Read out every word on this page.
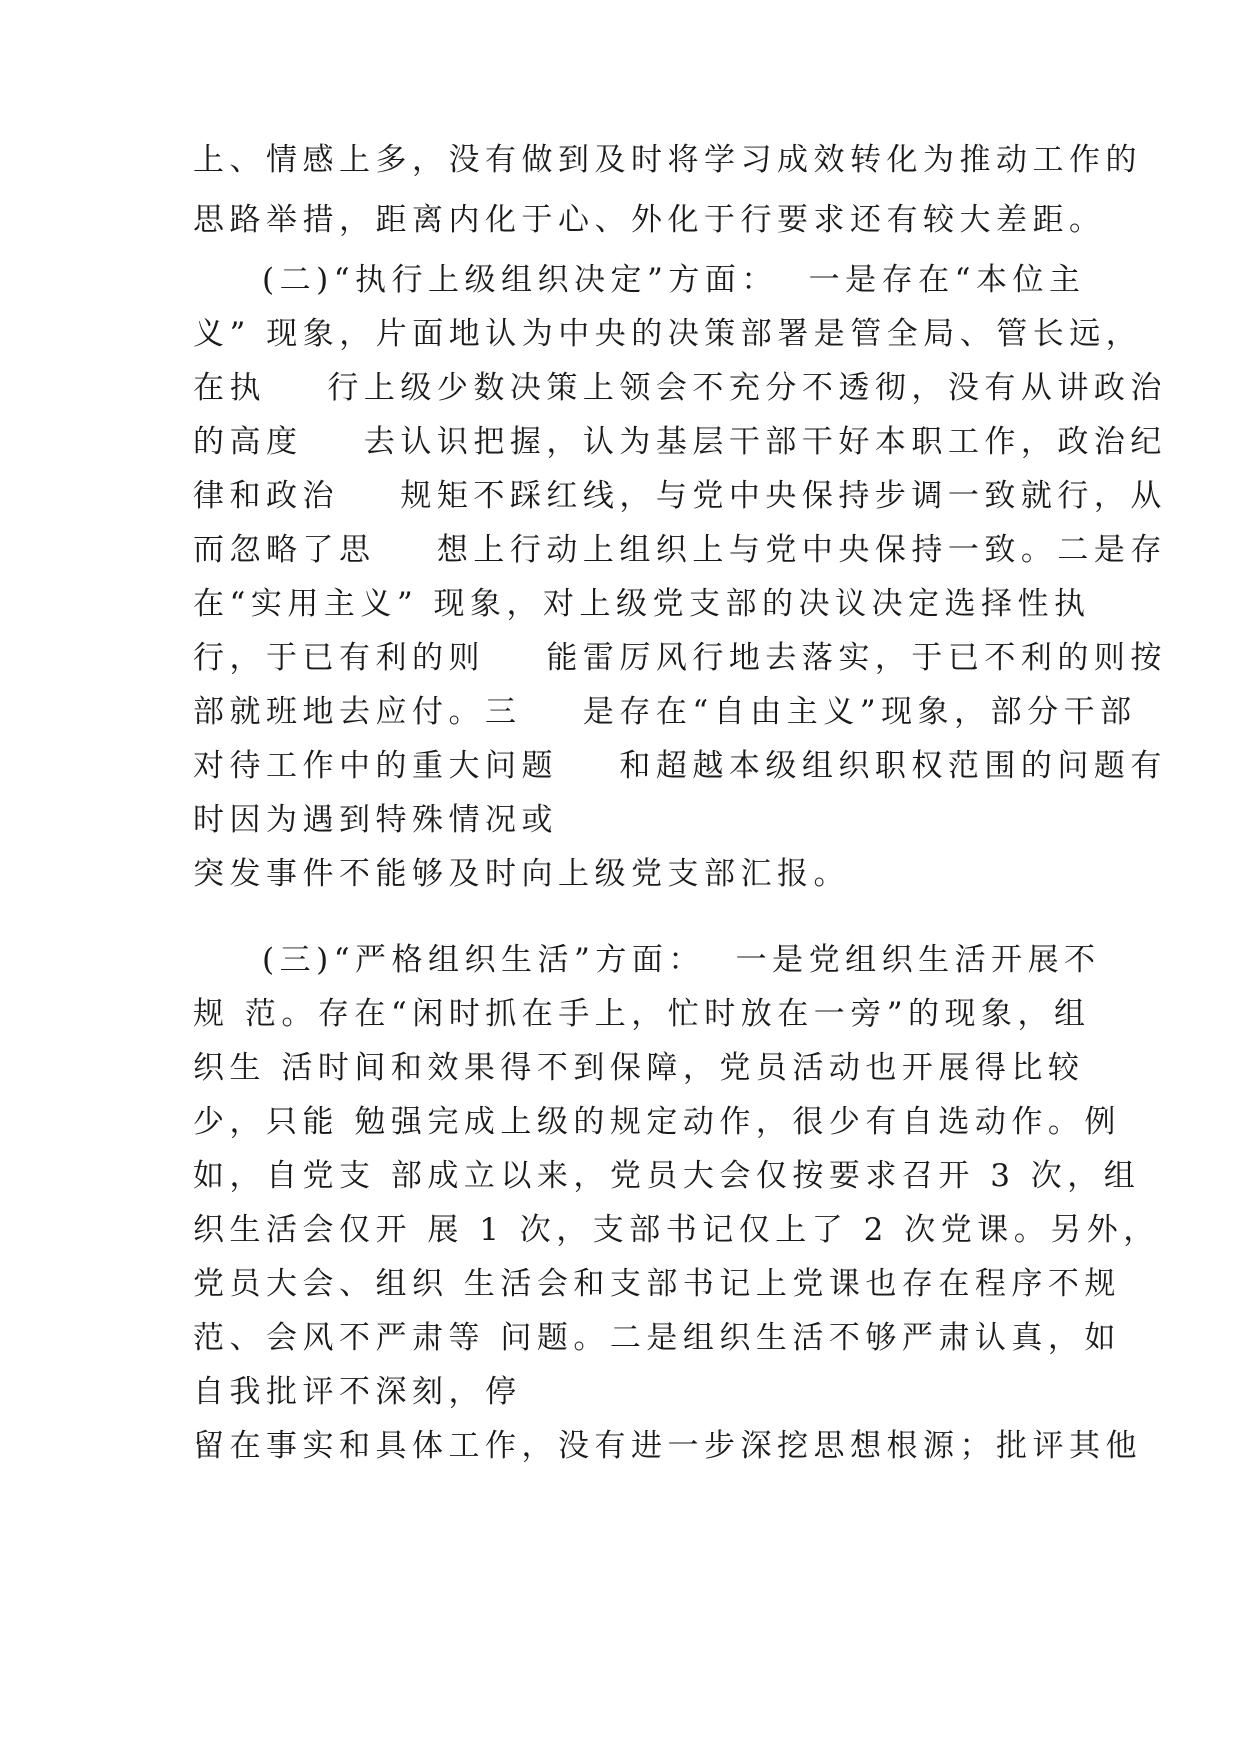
上、情感上多，没有做到及时将学习成效转化为推动工作的
思路举措，距离内化于心、外化于行要求还有较大差距。
(二)“执行上级组织决定”方面：  一是存在“本位主
义” 现象，片面地认为中央的决策部署是管全局、管长远，
在执    行上级少数决策上领会不充分不透彻，没有从讲政治
的高度    去认识把握，认为基层干部干好本职工作，政治纪
律和政治    规矩不踩红线，与党中央保持步调一致就行，从
而忽略了思    想上行动上组织上与党中央保持一致。二是存
在“实用主义” 现象，对上级党支部的决议决定选择性执
行，于已有利的则    能雷厉风行地去落实，于已不利的则按
部就班地去应付。三    是存在“自由主义”现象，部分干部
对待工作中的重大问题    和超越本级组织职权范围的问题有
时因为遇到特殊情况或
突发事件不能够及时向上级党支部汇报。
(三)“严格组织生活”方面：  一是党组织生活开展不
规 范。存在“闲时抓在手上，忙时放在一旁”的现象，组
织生 活时间和效果得不到保障，党员活动也开展得比较
少，只能 勉强完成上级的规定动作，很少有自选动作。例
如，自党支 部成立以来，党员大会仅按要求召开 3 次，组
织生活会仅开 展 1 次，支部书记仅上了 2 次党课。另外，
党员大会、组织 生活会和支部书记上党课也存在程序不规
范、会风不严肃等 问题。二是组织生活不够严肃认真，如
自我批评不深刻，停
留在事实和具体工作，没有进一步深挖思想根源；批评其他
